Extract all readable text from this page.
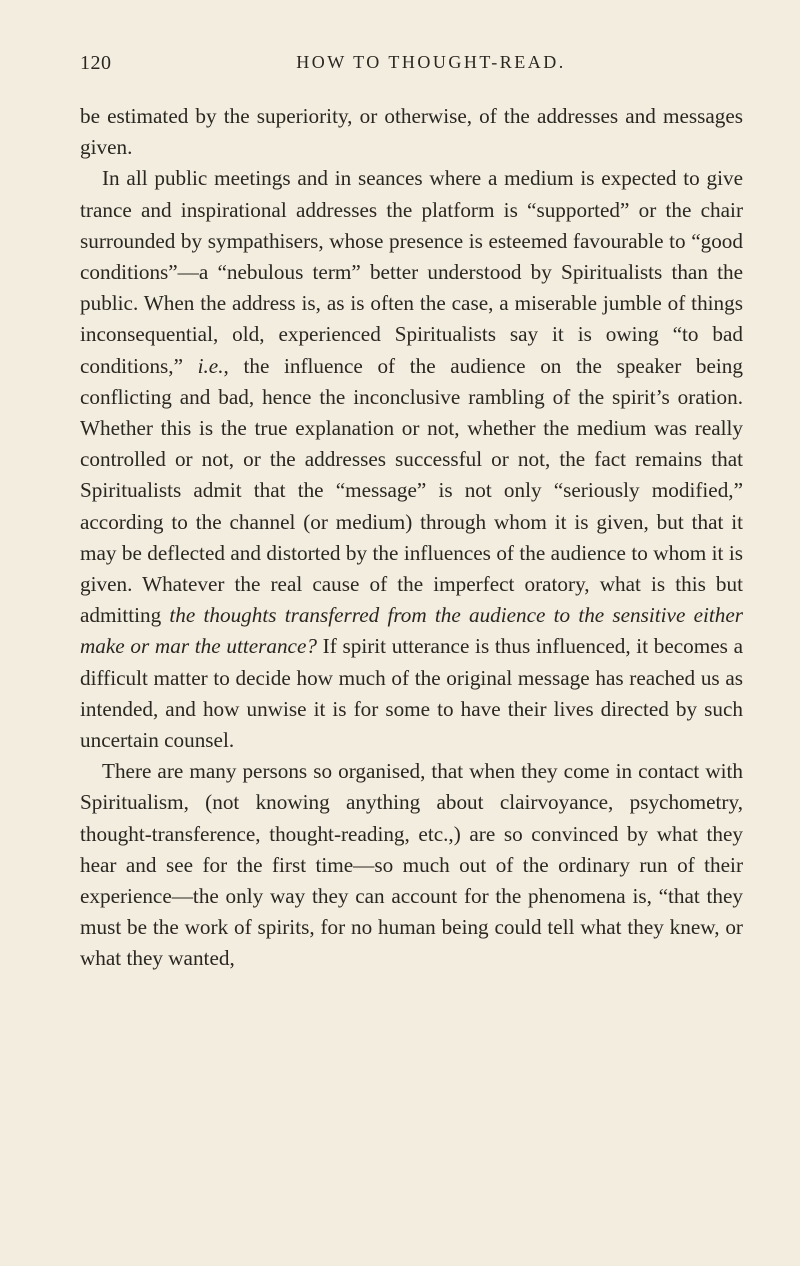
120	HOW TO THOUGHT-READ.

be estimated by the superiority, or otherwise, of the addresses and messages given.

In all public meetings and in seances where a medium is expected to give trance and inspirational addresses the platform is “supported” or the chair surrounded by sympathisers, whose presence is esteemed favourable to “good conditions”—a “nebulous term” better understood by Spiritualists than the public. When the address is, as is often the case, a miserable jumble of things inconsequential, old, experienced Spiritualists say it is owing “to bad conditions,” i.e., the influence of the audience on the speaker being conflicting and bad, hence the inconclusive rambling of the spirit’s oration. Whether this is the true explanation or not, whether the medium was really controlled or not, or the addresses successful or not, the fact remains that Spiritualists admit that the “message” is not only “seriously modified,” according to the channel (or medium) through whom it is given, but that it may be deflected and distorted by the influences of the audience to whom it is given. Whatever the real cause of the imperfect oratory, what is this but admitting the thoughts transferred from the audience to the sensitive either make or mar the utterance? If spirit utterance is thus influenced, it becomes a difficult matter to decide how much of the original message has reached us as intended, and how unwise it is for some to have their lives directed by such uncertain counsel.

There are many persons so organised, that when they come in contact with Spiritualism, (not knowing anything about clairvoyance, psychometry, thought-transference, thought-reading, etc.,) are so convinced by what they hear and see for the first time—so much out of the ordinary run of their experience—the only way they can account for the phenomena is, “that they must be the work of spirits, for no human being could tell what they knew, or what they wanted,
